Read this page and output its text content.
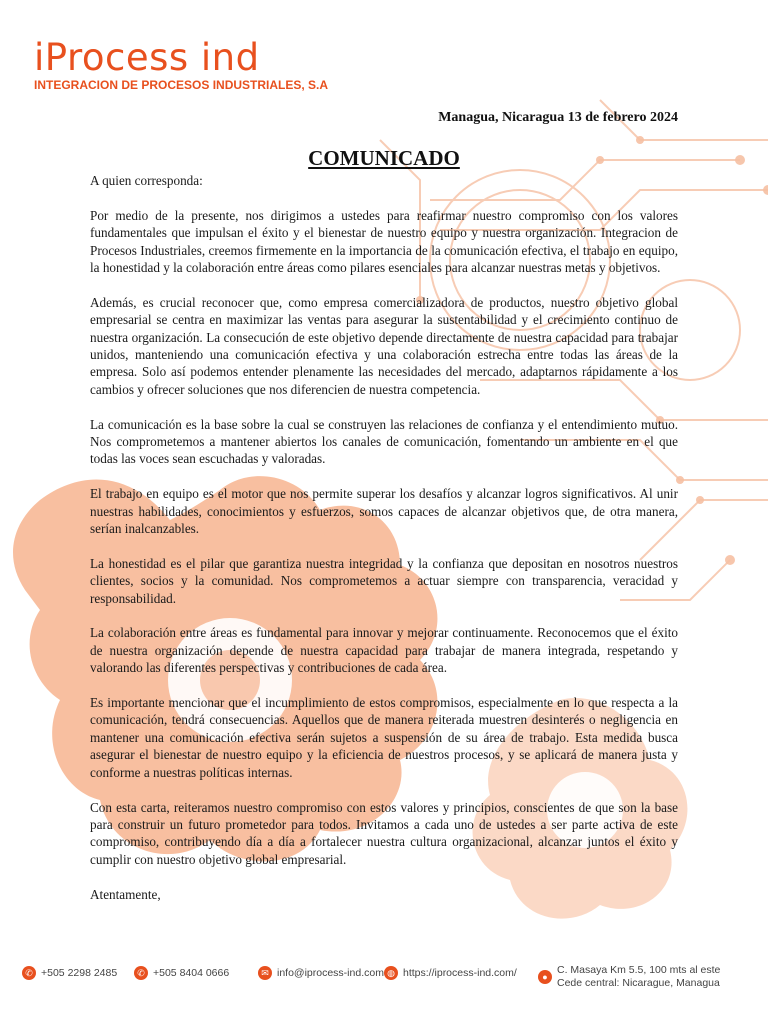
iProcess ind
INTEGRACION DE PROCESOS INDUSTRIALES, S.A
Managua, Nicaragua 13 de febrero 2024
COMUNICADO

A quien corresponda:

Por medio de la presente, nos dirigimos a ustedes para reafirmar nuestro compromiso con los valores fundamentales que impulsan el éxito y el bienestar de nuestro equipo y nuestra organización. Integracion de Procesos Industriales, creemos firmemente en la importancia de la comunicación efectiva, el trabajo en equipo, la honestidad y la colaboración entre áreas como pilares esenciales para alcanzar nuestras metas y objetivos.

Además, es crucial reconocer que, como empresa comercializadora de productos, nuestro objetivo global empresarial se centra en maximizar las ventas para asegurar la sustentabilidad y el crecimiento continuo de nuestra organización. La consecución de este objetivo depende directamente de nuestra capacidad para trabajar unidos, manteniendo una comunicación efectiva y una colaboración estrecha entre todas las áreas de la empresa. Solo así podemos entender plenamente las necesidades del mercado, adaptarnos rápidamente a los cambios y ofrecer soluciones que nos diferencien de nuestra competencia.

La comunicación es la base sobre la cual se construyen las relaciones de confianza y el entendimiento mutuo. Nos comprometemos a mantener abiertos los canales de comunicación, fomentando un ambiente en el que todas las voces sean escuchadas y valoradas.

El trabajo en equipo es el motor que nos permite superar los desafíos y alcanzar logros significativos. Al unir nuestras habilidades, conocimientos y esfuerzos, somos capaces de alcanzar objetivos que, de otra manera, serían inalcanzables.

La honestidad es el pilar que garantiza nuestra integridad y la confianza que depositan en nosotros nuestros clientes, socios y la comunidad. Nos comprometemos a actuar siempre con transparencia, veracidad y responsabilidad.

La colaboración entre áreas es fundamental para innovar y mejorar continuamente. Reconocemos que el éxito de nuestra organización depende de nuestra capacidad para trabajar de manera integrada, respetando y valorando las diferentes perspectivas y contribuciones de cada área.

Es importante mencionar que el incumplimiento de estos compromisos, especialmente en lo que respecta a la comunicación, tendrá consecuencias. Aquellos que de manera reiterada muestren desinterés o negligencia en mantener una comunicación efectiva serán sujetos a suspensión de su área de trabajo. Esta medida busca asegurar el bienestar de nuestro equipo y la eficiencia de nuestros procesos, y se aplicará de manera justa y conforme a nuestras políticas internas.

Con esta carta, reiteramos nuestro compromiso con estos valores y principios, conscientes de que son la base para construir un futuro prometedor para todos. Invitamos a cada uno de ustedes a ser parte activa de este compromiso, contribuyendo día a día a fortalecer nuestra cultura organizacional, alcanzar juntos el éxito y cumplir con nuestro objetivo global empresarial.

Atentamente,

✆ +505 2298 2485	✆ +505 8404 0666	✉ info@iprocess-ind.com ◍ https://iprocess-ind.com/	●
C. Masaya Km 5.5, 100 mts al este
Cede central: Nicarague, Managua
